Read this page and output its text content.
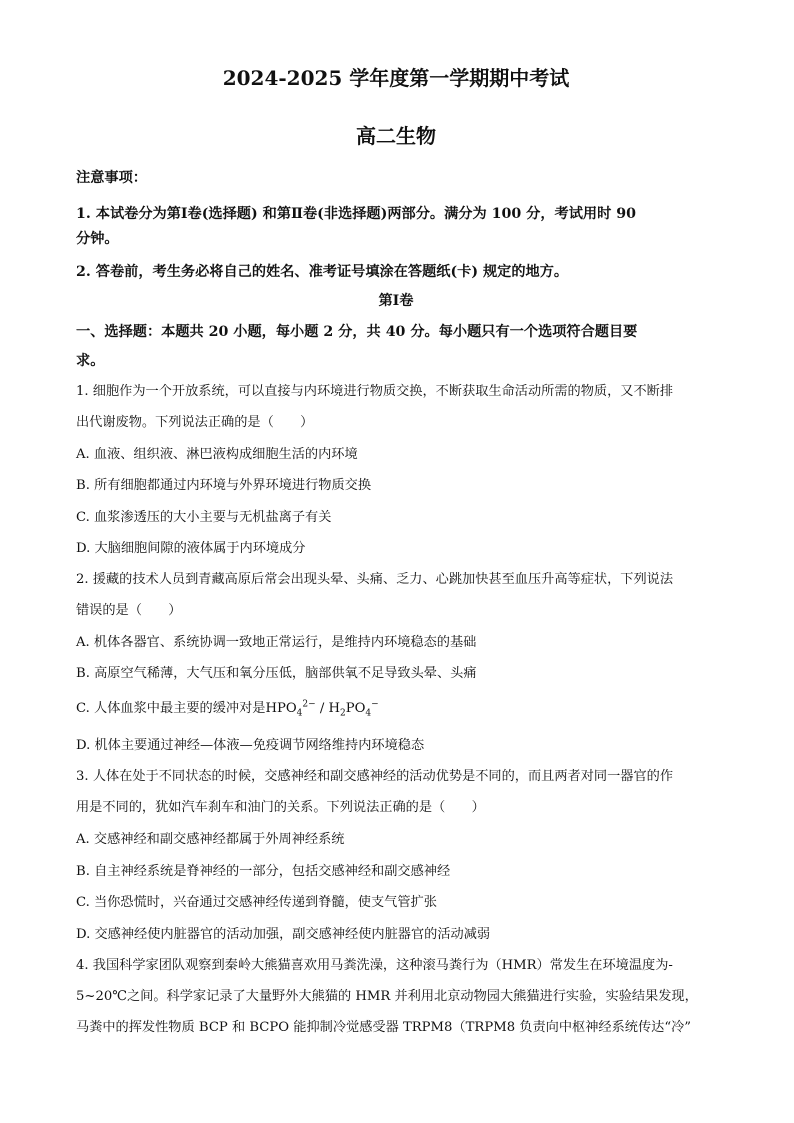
2024-2025 学年度第一学期期中考试
高二生物
注意事项：
1. 本试卷分为第Ⅰ卷(选择题) 和第Ⅱ卷(非选择题)两部分。满分为 100 分，考试用时 90
分钟。
2. 答卷前，考生务必将自己的姓名、准考证号填涂在答题纸(卡) 规定的地方。
第Ⅰ卷
一、选择题：本题共 20 小题，每小题 2 分，共 40 分。每小题只有一个选项符合题目要
求。
1. 细胞作为一个开放系统，可以直接与内环境进行物质交换，不断获取生命活动所需的物质，又不断排
出代谢废物。下列说法正确的是（　　）
A. 血液、组织液、淋巴液构成细胞生活的内环境
B. 所有细胞都通过内环境与外界环境进行物质交换
C. 血浆渗透压的大小主要与无机盐离子有关
D. 大脑细胞间隙的液体属于内环境成分
2. 援藏的技术人员到青藏高原后常会出现头晕、头痛、乏力、心跳加快甚至血压升高等症状，下列说法
错误的是（　　）
A. 机体各器官、系统协调一致地正常运行，是维持内环境稳态的基础
B. 高原空气稀薄，大气压和氧分压低，脑部供氧不足导致头晕、头痛
C. 人体血浆中最主要的缓冲对是$HPO_4^{2-} / H_2PO_4^-$
D. 机体主要通过神经—体液—免疫调节网络维持内环境稳态
3. 人体在处于不同状态的时候，交感神经和副交感神经的活动优势是不同的，而且两者对同一器官的作
用是不同的，犹如汽车刹车和油门的关系。下列说法正确的是（　　）
A. 交感神经和副交感神经都属于外周神经系统
B. 自主神经系统是脊神经的一部分，包括交感神经和副交感神经
C. 当你恐慌时，兴奋通过交感神经传递到脊髓，使支气管扩张
D. 交感神经使内脏器官的活动加强，副交感神经使内脏器官的活动减弱
4. 我国科学家团队观察到秦岭大熊猫喜欢用马粪洗澡，这种滚马粪行为（HMR）常发生在环境温度为-
5~20℃之间。科学家记录了大量野外大熊猫的 HMR 并利用北京动物园大熊猫进行实验，实验结果发现，
马粪中的挥发性物质 BCP 和 BCPO 能抑制冷觉感受器 TRPM8（TRPM8 负责向中枢神经系统传达“冷”
